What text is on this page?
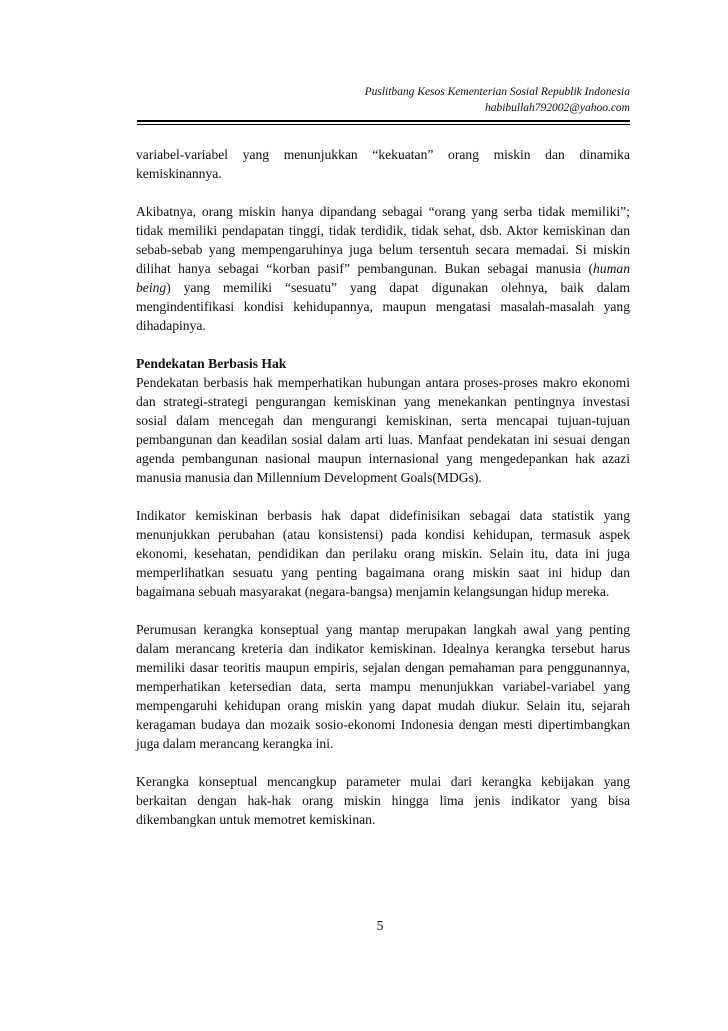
Puslitbang Kesos Kementerian Sosial Republik Indonesia
habibullah792002@yahoo.com

variabel-variabel yang menunjukkan “kekuatan” orang miskin dan dinamika kemiskinannya.

Akibatnya, orang miskin hanya dipandang sebagai “orang yang serba tidak memiliki”; tidak memiliki pendapatan tinggi, tidak terdidik, tidak sehat, dsb. Aktor kemiskinan dan sebab-sebab yang mempengaruhinya juga belum tersentuh secara memadai. Si miskin dilihat hanya sebagai “korban pasif” pembangunan. Bukan sebagai manusia (human being) yang memiliki “sesuatu” yang dapat digunakan olehnya, baik dalam mengindentifikasi kondisi kehidupannya, maupun mengatasi masalah-masalah yang dihadapinya.

Pendekatan Berbasis Hak

Pendekatan berbasis hak memperhatikan hubungan antara proses-proses makro ekonomi dan strategi-strategi pengurangan kemiskinan yang menekankan pentingnya investasi sosial dalam mencegah dan mengurangi kemiskinan, serta mencapai tujuan-tujuan pembangunan dan keadilan sosial dalam arti luas. Manfaat pendekatan ini sesuai dengan agenda pembangunan nasional maupun internasional yang mengedepankan hak azazi manusia manusia dan Millennium Development Goals(MDGs).

Indikator kemiskinan berbasis hak dapat didefinisikan sebagai data statistik yang menunjukkan perubahan (atau konsistensi) pada kondisi kehidupan, termasuk aspek ekonomi, kesehatan, pendidikan dan perilaku orang miskin. Selain itu, data ini juga memperlihatkan sesuatu yang penting bagaimana orang miskin saat ini hidup dan bagaimana sebuah masyarakat (negara-bangsa) menjamin kelangsungan hidup mereka.

Perumusan kerangka konseptual yang mantap merupakan langkah awal yang penting dalam merancang kreteria dan indikator kemiskinan. Idealnya kerangka tersebut harus memiliki dasar teoritis maupun empiris, sejalan dengan pemahaman para penggunannya, memperhatikan ketersedian data, serta mampu menunjukkan variabel-variabel yang mempengaruhi kehidupan orang miskin yang dapat mudah diukur. Selain itu, sejarah keragaman budaya dan mozaik sosio-ekonomi Indonesia dengan mesti dipertimbangkan juga dalam merancang kerangka ini.

Kerangka konseptual mencangkup parameter mulai dari kerangka kebijakan yang berkaitan dengan hak-hak orang miskin hingga lima jenis indikator yang bisa dikembangkan untuk memotret kemiskinan.

5
